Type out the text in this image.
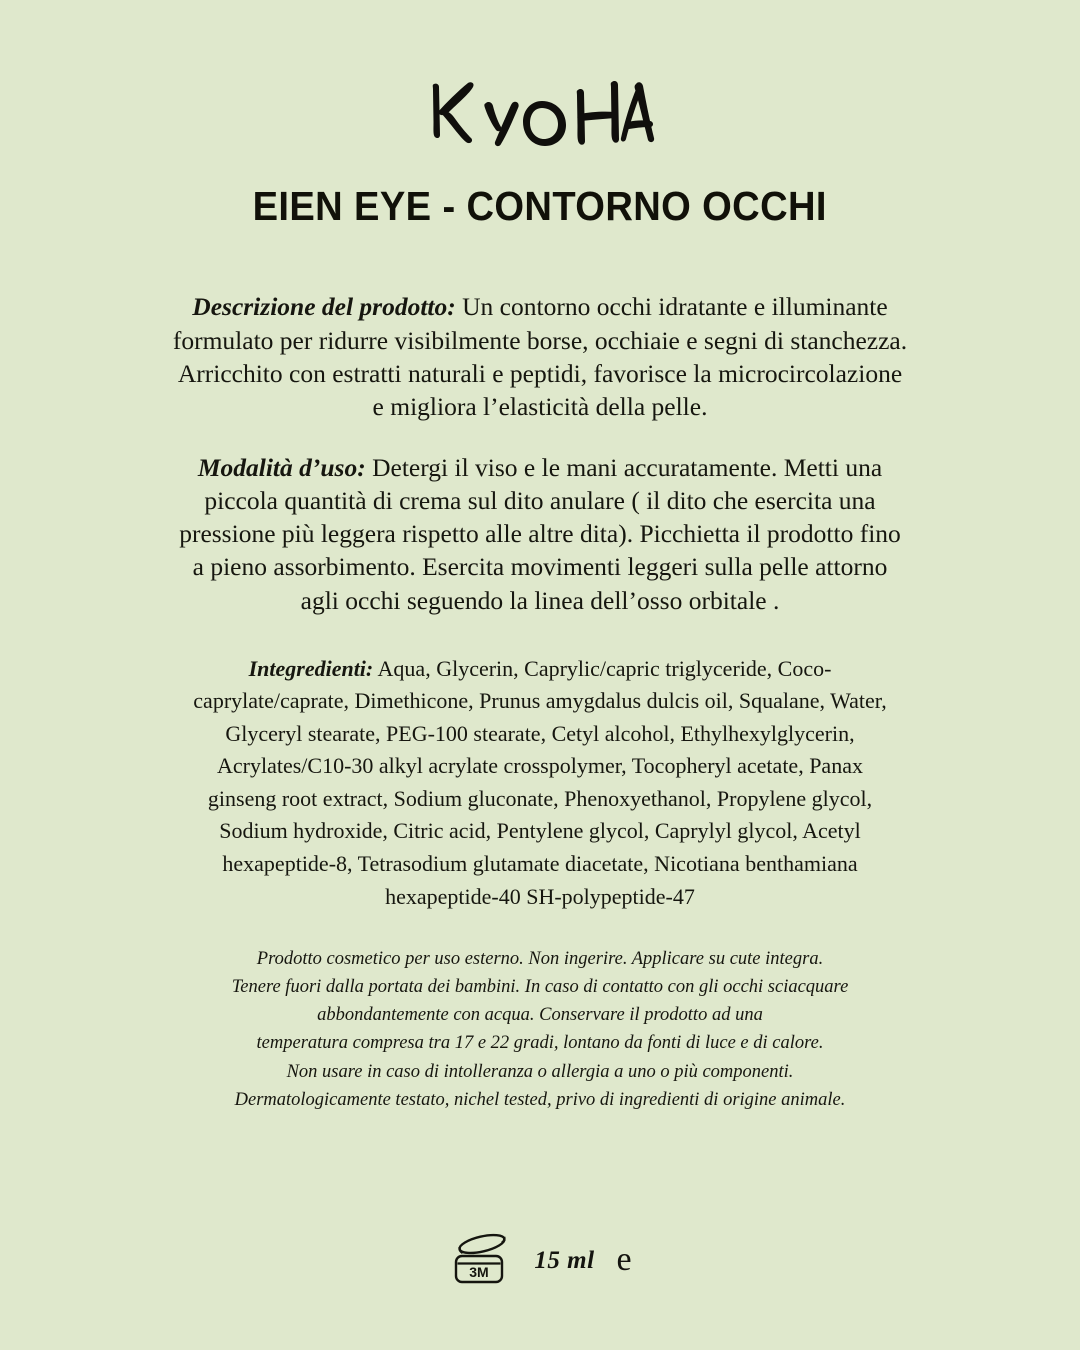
EIEN EYE - CONTORNO OCCHI
Descrizione del prodotto: Un contorno occhi idratante e illuminante formulato per ridurre visibilmente borse, occhiaie e segni di stanchezza. Arricchito con estratti naturali e peptidi, favorisce la microcircolazione e migliora l’elasticità della pelle.
Modalità d’uso: Detergi il viso e le mani accuratamente. Metti una piccola quantità di crema sul dito anulare ( il dito che esercita una pressione più leggera rispetto alle altre dita). Picchietta il prodotto fino a pieno assorbimento. Esercita movimenti leggeri sulla pelle attorno agli occhi seguendo la linea dell’osso orbitale .
Integredienti: Aqua, Glycerin, Caprylic/capric triglyceride, Coco-caprylate/caprate, Dimethicone, Prunus amygdalus dulcis oil, Squalane, Water, Glyceryl stearate, PEG-100 stearate, Cetyl alcohol, Ethylhexylglycerin, Acrylates/C10-30 alkyl acrylate crosspolymer, Tocopheryl acetate, Panax ginseng root extract, Sodium gluconate, Phenoxyethanol, Propylene glycol, Sodium hydroxide, Citric acid, Pentylene glycol, Caprylyl glycol, Acetyl hexapeptide-8, Tetrasodium glutamate diacetate, Nicotiana benthamiana hexapeptide-40 SH-polypeptide-47

Prodotto cosmetico per uso esterno. Non ingerire. Applicare su cute integra.

Tenere fuori dalla portata dei bambini. In caso di contatto con gli occhi sciacquare

abbondantemente con acqua. Conservare il prodotto ad una

temperatura compresa tra 17 e 22 gradi, lontano da fonti di luce e di calore.

Non usare in caso di intolleranza o allergia a uno o più componenti.

Dermatologicamente testato, nichel tested, privo di ingredienti di origine animale.

3M 15 ml e
